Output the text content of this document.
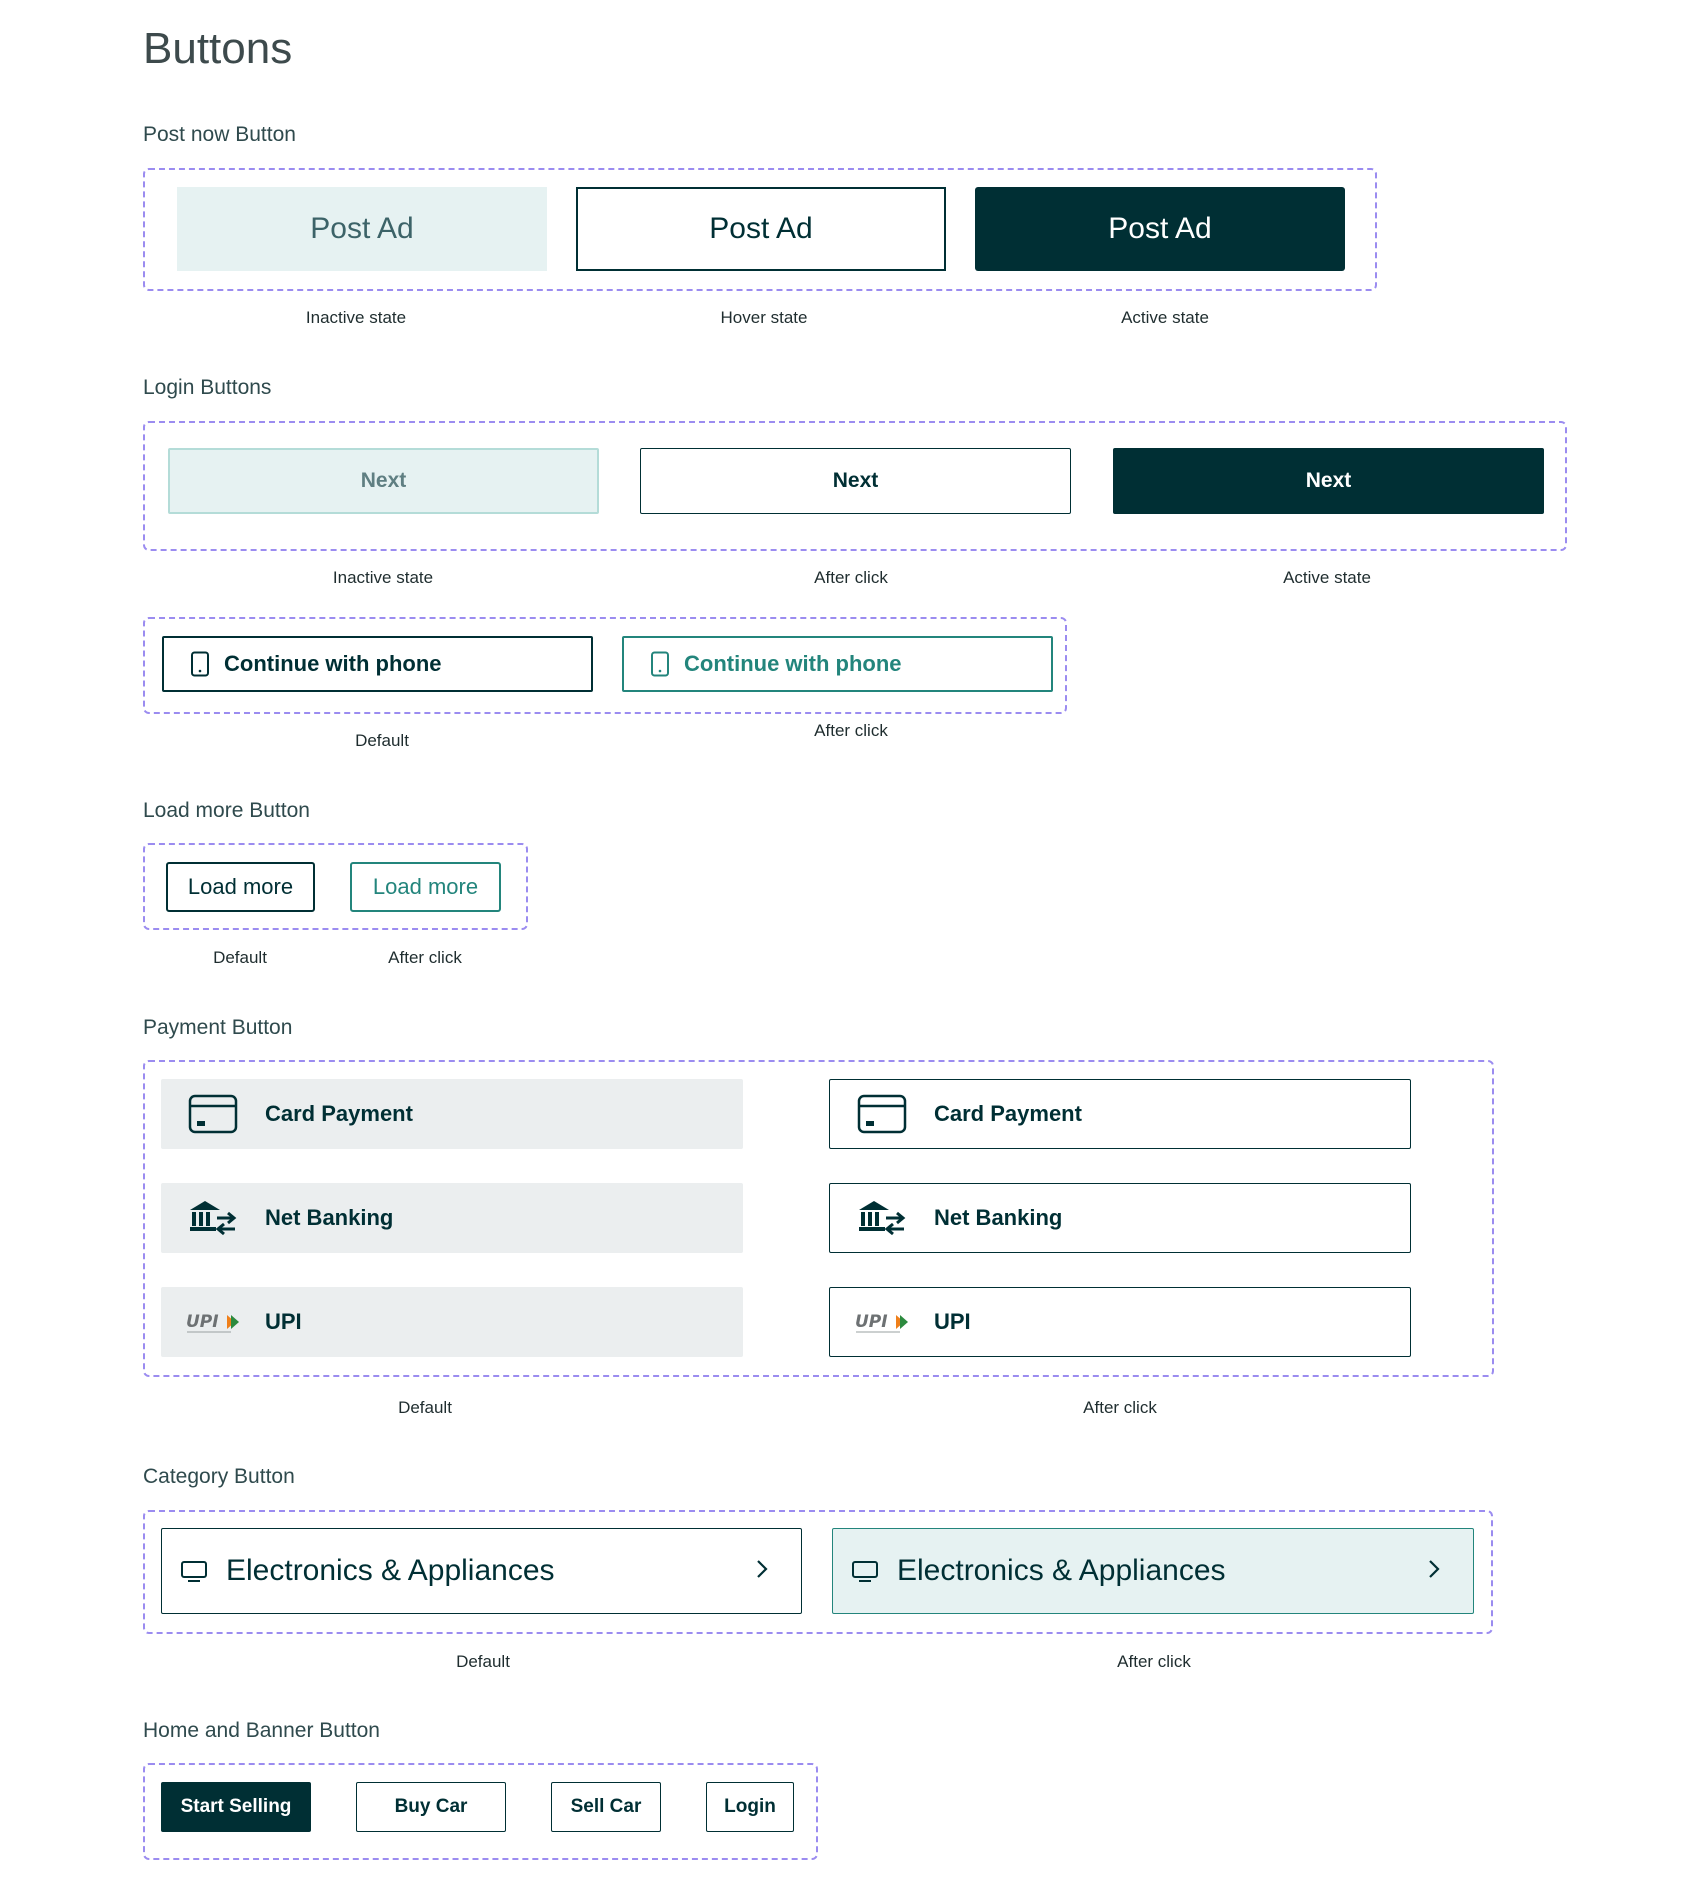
Buttons
Post now Button
Post Ad	Post Ad	Post Ad
Inactive state	Hover state	Active state
Login Buttons
Next	Next	Next
Inactive state	After click	Active state
Continue with phone	Continue with phone
Default
After click
Load more Button
Load more	Load more
Default	After click
Payment Button
Card Payment
Net Banking
UPI UPI
Card Payment
Net Banking
UPI UPI
Default	After click
Category Button
Electronics & Appliances	Electronics & Appliances
Default	After click
Home and Banner Button
Start Selling	Buy Car	Sell Car	Login
